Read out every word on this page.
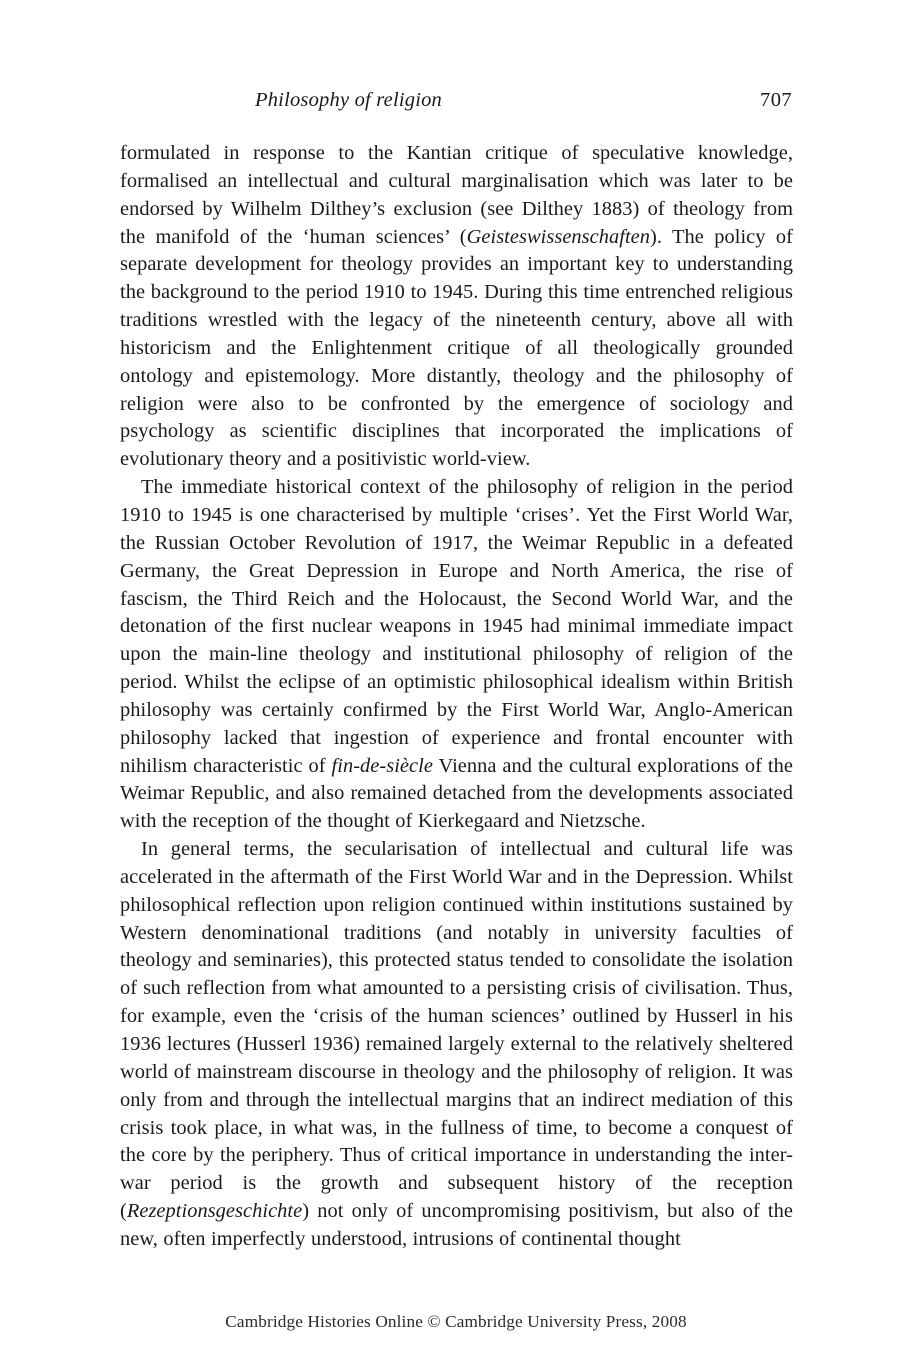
Philosophy of religion	707

formulated in response to the Kantian critique of speculative knowledge, formalised an intellectual and cultural marginalisation which was later to be endorsed by Wilhelm Dilthey’s exclusion (see Dilthey 1883) of theology from the manifold of the ‘human sciences’ (Geisteswissenschaften). The policy of separate development for theology provides an important key to understanding the background to the period 1910 to 1945. During this time entrenched religious traditions wrestled with the legacy of the nineteenth century, above all with historicism and the Enlightenment critique of all theologically grounded ontology and epistemology. More distantly, theology and the philosophy of religion were also to be confronted by the emergence of sociology and psychology as scientific disciplines that incorporated the implications of evolutionary theory and a positivistic world-view.

The immediate historical context of the philosophy of religion in the period 1910 to 1945 is one characterised by multiple ‘crises’. Yet the First World War, the Russian October Revolution of 1917, the Weimar Republic in a defeated Germany, the Great Depression in Europe and North America, the rise of fascism, the Third Reich and the Holocaust, the Second World War, and the detonation of the first nuclear weapons in 1945 had minimal immediate impact upon the main-line theology and institutional philosophy of religion of the period. Whilst the eclipse of an optimistic philosophical idealism within British philosophy was certainly confirmed by the First World War, Anglo-American philosophy lacked that ingestion of experience and frontal encounter with nihilism characteristic of fin-de-siècle Vienna and the cultural explorations of the Weimar Republic, and also remained detached from the developments associated with the reception of the thought of Kierkegaard and Nietzsche.

In general terms, the secularisation of intellectual and cultural life was accelerated in the aftermath of the First World War and in the Depression. Whilst philosophical reflection upon religion continued within institutions sustained by Western denominational traditions (and notably in university faculties of theology and seminaries), this protected status tended to consolidate the isolation of such reflection from what amounted to a persisting crisis of civilisation. Thus, for example, even the ‘crisis of the human sciences’ outlined by Husserl in his 1936 lectures (Husserl 1936) remained largely external to the relatively sheltered world of mainstream discourse in theology and the philosophy of religion. It was only from and through the intellectual margins that an indirect mediation of this crisis took place, in what was, in the fullness of time, to become a conquest of the core by the periphery. Thus of critical importance in understanding the inter-war period is the growth and subsequent history of the reception (Rezeptionsgeschichte) not only of uncompromising positivism, but also of the new, often imperfectly understood, intrusions of continental thought

Cambridge Histories Online © Cambridge University Press, 2008
